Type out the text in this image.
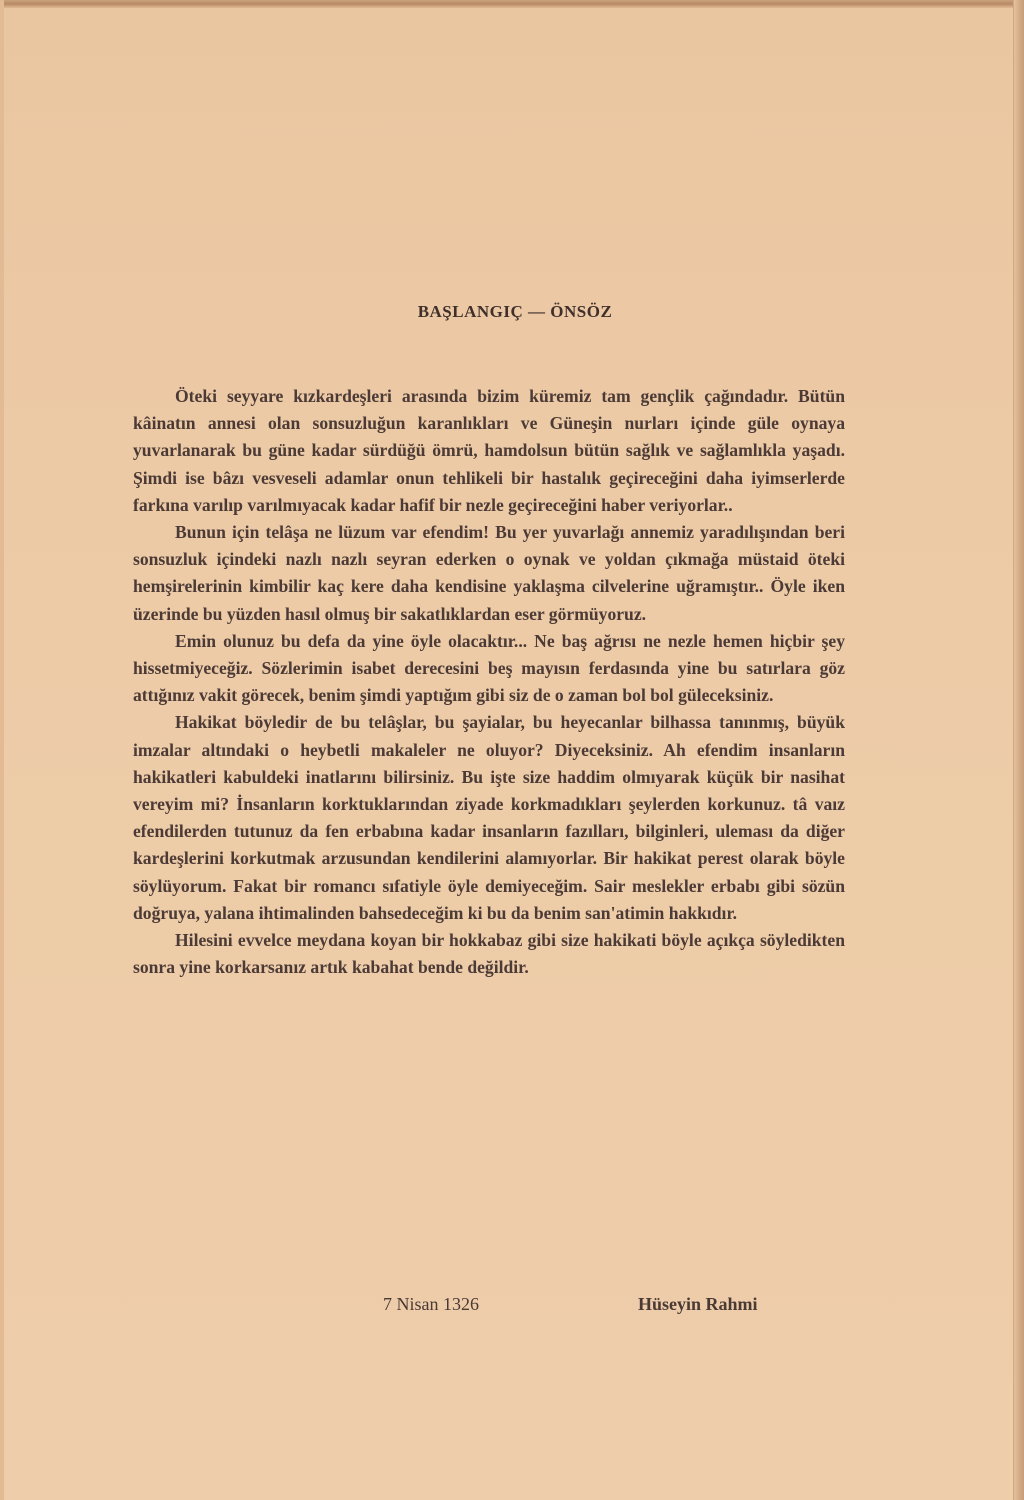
BAŞLANGIÇ — ÖNSÖZ

Öteki seyyare kızkardeşleri arasında bizim küremiz tam gençlik çağındadır. Bütün kâinatın annesi olan sonsuzluğun karanlıkları ve Güneşin nurları içinde güle oynaya yuvarlanarak bu güne kadar sürdüğü ömrü, hamdolsun bütün sağlık ve sağlamlıkla yaşadı. Şimdi ise bâzı vesveseli adamlar onun tehlikeli bir hastalık geçireceğini daha iyimserlerde farkına varılıp varılmıyacak kadar hafif bir nezle geçireceğini haber veriyorlar..

Bunun için telâşa ne lüzum var efendim! Bu yer yuvarlağı annemiz yaradılışından beri sonsuzluk içindeki nazlı nazlı seyran ederken o oynak ve yoldan çıkmağa müstaid öteki hemşirelerinin kimbilir kaç kere daha kendisine yaklaşma cilvelerine uğramıştır.. Öyle iken üzerinde bu yüzden hasıl olmuş bir sakatlıklardan eser görmüyoruz.

Emin olunuz bu defa da yine öyle olacaktır... Ne baş ağrısı ne nezle hemen hiçbir şey hissetmiyeceğiz. Sözlerimin isabet derecesini beş mayısın ferdasında yine bu satırlara göz attığınız vakit görecek, benim şimdi yaptığım gibi siz de o zaman bol bol güleceksiniz.

Hakikat böyledir de bu telâşlar, bu şayialar, bu heyecanlar bilhassa tanınmış, büyük imzalar altındaki o heybetli makaleler ne oluyor? Diyeceksiniz. Ah efendim insanların hakikatleri kabuldeki inatlarını bilirsiniz. Bu işte size haddim olmıyarak küçük bir nasihat vereyim mi? İnsanların korktuklarından ziyade korkmadıkları şeylerden korkunuz. tâ vaız efendilerden tutunuz da fen erbabına kadar insanların fazılları, bilginleri, uleması da diğer kardeşlerini korkutmak arzusundan kendilerini alamıyorlar. Bir hakikat perest olarak böyle söylüyorum. Fakat bir romancı sıfatiyle öyle demiyeceğim. Sair meslekler erbabı gibi sözün doğruya, yalana ihtimalinden bahsedeceğim ki bu da benim san'atimin hakkıdır.

Hilesini evvelce meydana koyan bir hokkabaz gibi size hakikati böyle açıkça söyledikten sonra yine korkarsanız artık kabahat bende değildir.

7 Nisan 1326	Hüseyin Rahmi
